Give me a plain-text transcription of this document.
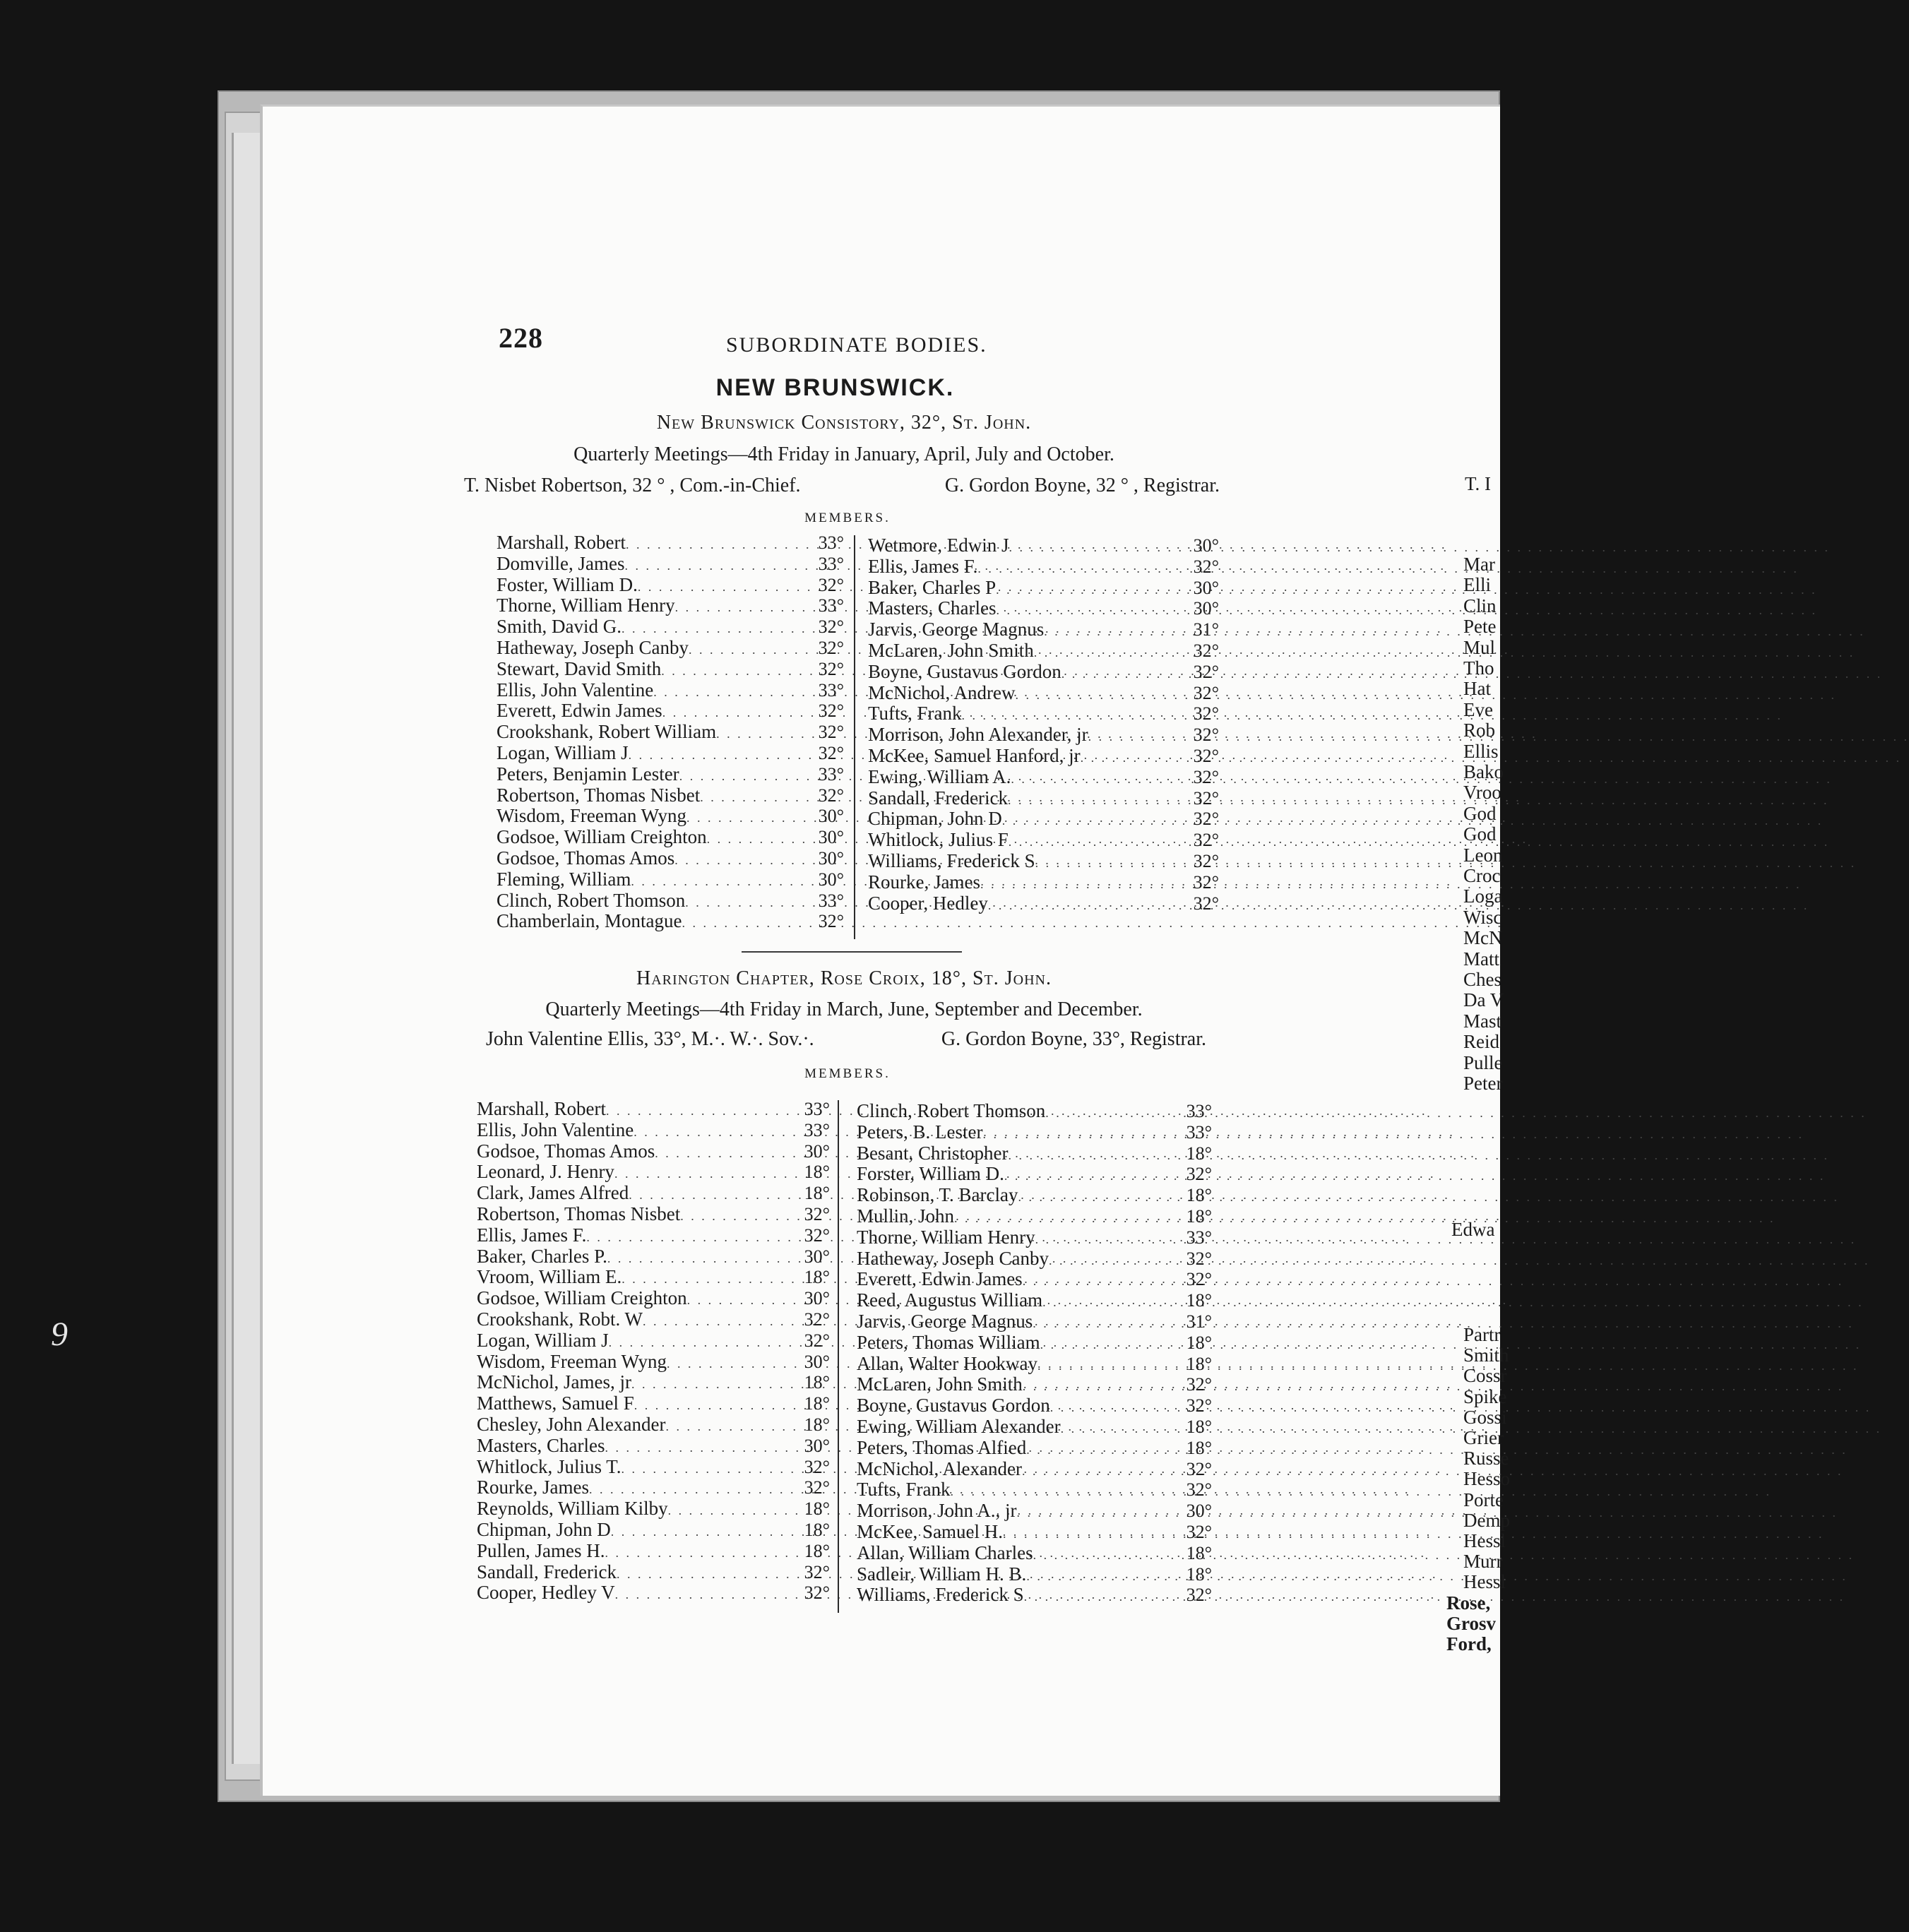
9
228	SUBORDINATE BODIES.
NEW BRUNSWICK.
New Brunswick Consistory, 32°, St. John.
Quarterly Meetings—4th Friday in January, April, July and October.
T. Nisbet Robertson, 32 ° , Com.-in-Chief.	G. Gordon Boyne, 32 ° , Registrar.
MEMBERS.
Marshall, Robert . . .	33°
Domville, James . . .	33°
Foster, William D. . . .	32°
Thorne, William Henry . . .	33°
Smith, David G. . . .	32°
Hatheway, Joseph Canby . . .	32°
Stewart, David Smith . . .	32°
Ellis, John Valentine . . .	33°
Everett, Edwin James . . .	32°
Crookshank, Robert William . . .	32°
Logan, William J . . .	32°
Peters, Benjamin Lester . . .	33°
Robertson, Thomas Nisbet . . .	32°
Wisdom, Freeman Wyng . . .	30°
Godsoe, William Creighton . . .	30°
Godsoe, Thomas Amos . . .	30°
Fleming, William . . .	30°
Clinch, Robert Thomson . . .	33°
Chamberlain, Montague . . .	32°
Wetmore, Edwin J . . .	30°
Ellis, James F. . . .	32°
Baker, Charles P . . .	30°
Masters, Charles . . .	30°
Jarvis, George Magnus . . .	31°
McLaren, John Smith . . .	32°
Boyne, Gustavus Gordon . . .	32°
McNichol, Andrew . . .	32°
Tufts, Frank . . .	32°
Morrison, John Alexander, jr . . .	32°
McKee, Samuel Hanford, jr . . .	32°
Ewing, William A. . . .	32°
Sandall, Frederick . . .	32°
Chipman, John D . . .	32°
Whitlock, Julius F . . .	32°
Williams, Frederick S . . .	32°
Rourke, James . . .	32°
Cooper, Hedley . . .	32°
Harington Chapter, Rose Croix, 18°, St. John.
Quarterly Meetings—4th Friday in March, June, September and December.
John Valentine Ellis, 33°, M.·. W.·. Sov.·.	G. Gordon Boyne, 33°, Registrar.
MEMBERS.
Marshall, Robert . . .	33°
Ellis, John Valentine . . .	33°
Godsoe, Thomas Amos . . .	30°
Leonard, J. Henry . . .	18°
Clark, James Alfred . . .	18°
Robertson, Thomas Nisbet . . .	32°
Ellis, James F. . . .	32°
Baker, Charles P. . . .	30°
Vroom, William E. . . .	18°
Godsoe, William Creighton . . .	30°
Crookshank, Robt. W . . .	32°
Logan, William J . . .	32°
Wisdom, Freeman Wyng . . .	30°
McNichol, James, jr . . .	18°
Matthews, Samuel F . . .	18°
Chesley, John Alexander . . .	18°
Masters, Charles . . .	30°
Whitlock, Julius T. . . .	32°
Rourke, James . . .	32°
Reynolds, William Kilby . . .	18°
Chipman, John D . . .	18°
Pullen, James H. . . .	18°
Sandall, Frederick . . .	32°
Cooper, Hedley V . . .	32°
Clinch, Robert Thomson . . .	33°
Peters, B. Lester . . .	33°
Besant, Christopher . . .	18°
Forster, William D. . . .	32°
Robinson, T. Barclay . . .	18°
Mullin, John . . .	18°
Thorne, William Henry . . .	33°
Hatheway, Joseph Canby . . .	32°
Everett, Edwin James . . .	32°
Reed, Augustus William . . .	18°
Jarvis, George Magnus . . .	31°
Peters, Thomas William . . .	18°
Allan, Walter Hookway . . .	18°
McLaren, John Smith . . .	32°
Boyne, Gustavus Gordon . . .	32°
Ewing, William Alexander . . .	18°
Peters, Thomas Alfied . . .	18°
McNichol, Alexander . . .	32°
Tufts, Frank . . .	32°
Morrison, John A., jr . . .	30°
McKee, Samuel H. . . .	32°
Allan, William Charles . . .	18°
Sadleir, William H. B. . . .	18°
Williams, Frederick S . . .	32°
T. I
Mar
Elli
Clin
Pete
Mul
Tho
Hat
Eve
Rob
Ellis
Bako
Vroo
God
God
Leon
Croc
Loga
Wisc
McN
Matt
Ches
Da V
Mast
Reid
Pulle
Peter
Edwa
Partr
Smith
Cossr
Spike
Gossi
Grier
Russe
Hesso
Porte
Demp
Hessl
Murr
Hessl
Rose,
Grosv
Ford,
